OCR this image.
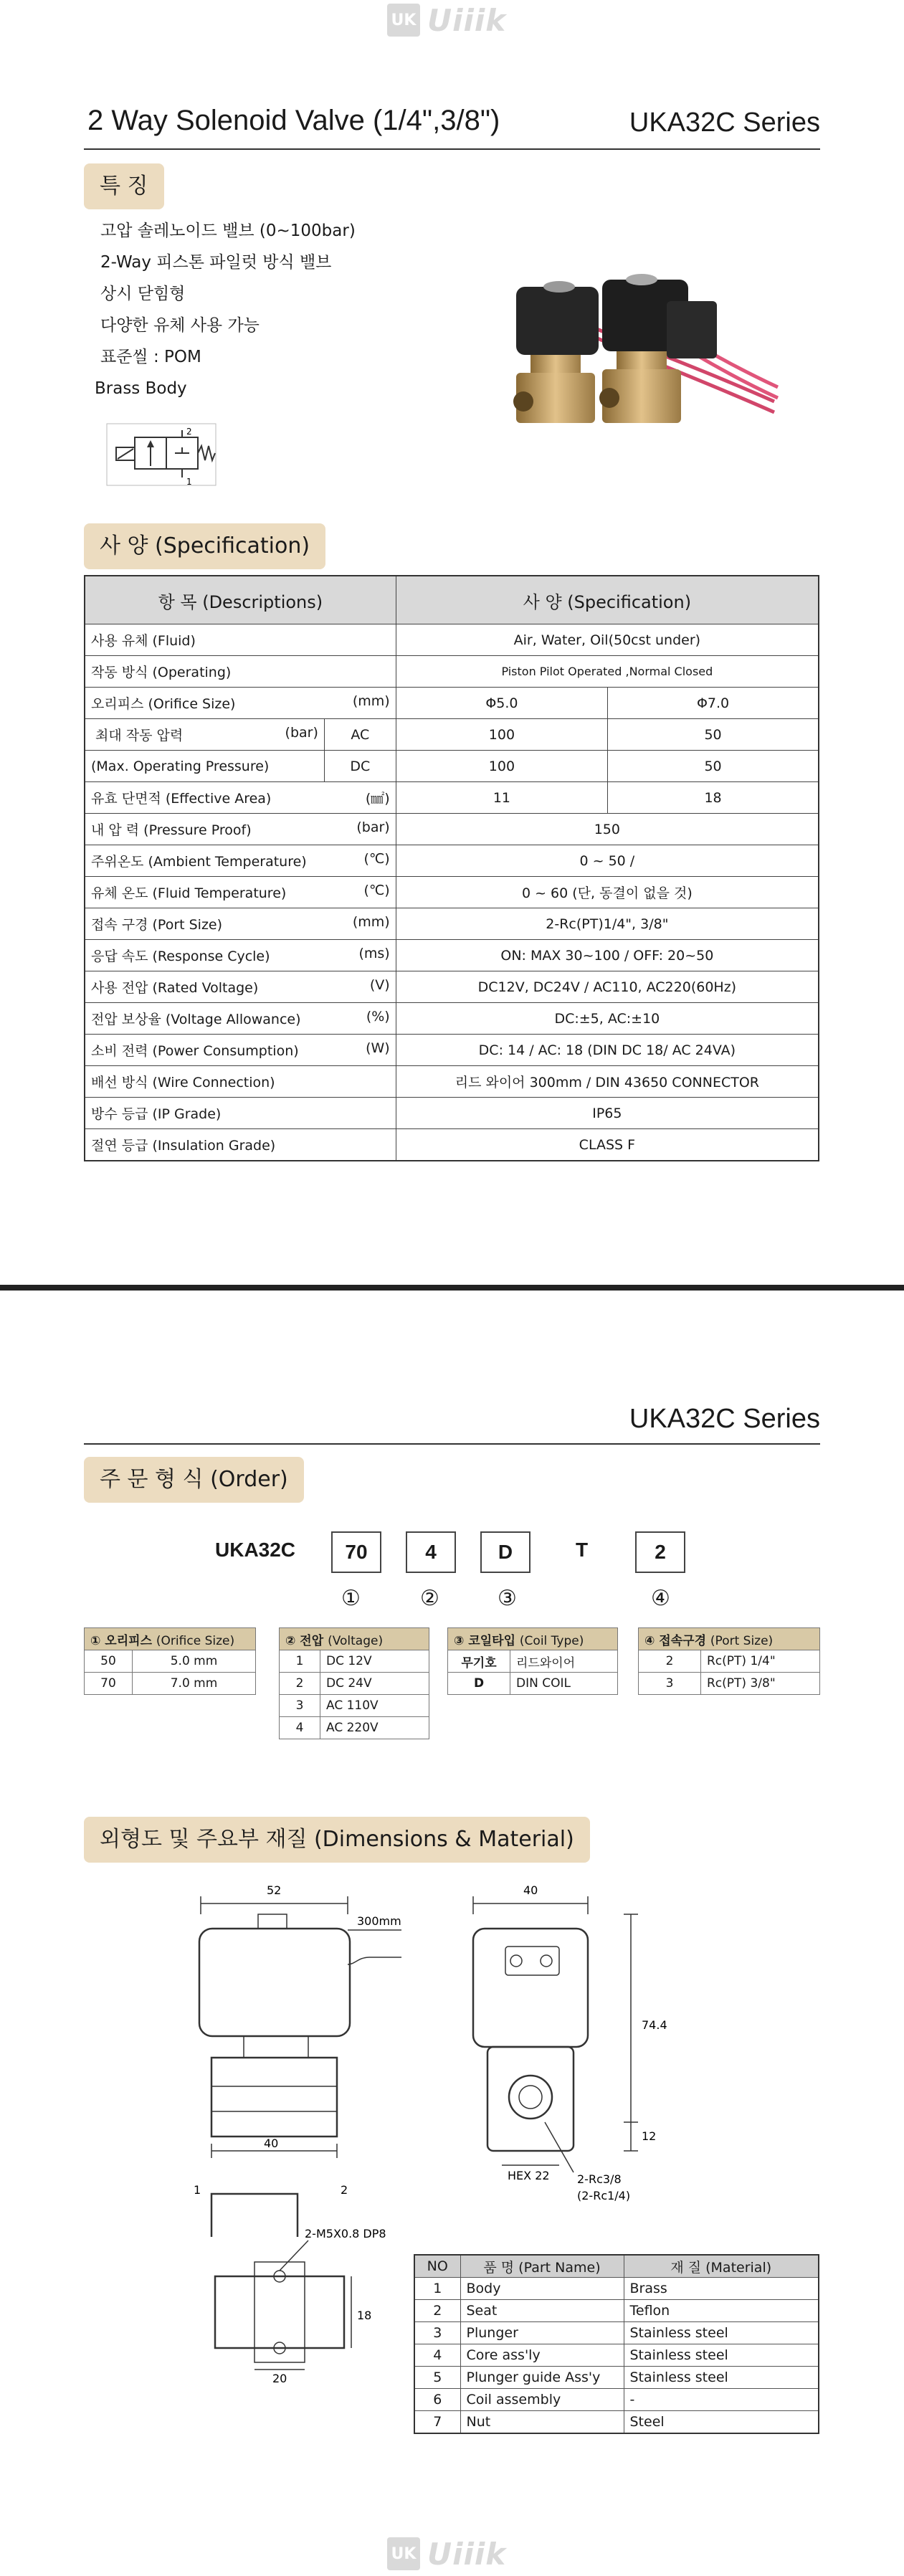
UK Uiiik
2 Way Solenoid Valve (1/4",3/8")	UKA32C Series
특 징
고압 솔레노이드 밸브 (0~100bar)
2-Way 피스톤 파일럿 방식 밸브
상시 닫힘형
다양한 유체 사용 가능
표준씰 : POM
Brass Body
2
1
사 양 (Specification)
항 목 (Descriptions)		사 양 (Specification)	
사용 유체 (Fluid)		Air, Water, Oil(50cst under)	
작동 방식 (Operating)		Piston Pilot Operated ,Normal Closed	
오리피스 (Orifice Size) (mm)		Φ5.0	Φ7.0
최대 작동 압력 (bar)	AC	100	50
(Max. Operating Pressure)	DC	100	50
유효 단면적 (Effective Area) (㎟)		11	18
내 압 력 (Pressure Proof) (bar)		150	
주위온도 (Ambient Temperature) (℃)		0 ~ 50 /	
유체 온도 (Fluid Temperature) (℃)		0 ~ 60 (단, 동결이 없을 것)	
접속 구경 (Port Size) (mm)		2-Rc(PT)1/4", 3/8"	
응답 속도 (Response Cycle) (ms)		ON: MAX 30~100 / OFF: 20~50	
사용 전압 (Rated Voltage) (V)		DC12V, DC24V / AC110, AC220(60Hz)	
전압 보상율 (Voltage Allowance) (%)		DC:±5, AC:±10	
소비 전력 (Power Consumption) (W)		DC: 14 / AC: 18 (DIN DC 18/ AC 24VA)	
배선 방식 (Wire Connection)		리드 와이어 300mm / DIN 43650 CONNECTOR	
방수 등급 (IP Grade)		IP65	
절연 등급 (Insulation Grade)		CLASS F	
UKA32C Series
주 문 형 식 (Order)
UKA32C	70	4	D	T	2
①	②	③	④
① 오리피스 (Orifice Size)	
50	5.0 mm
70	7.0 mm
② 전압 (Voltage)	
1	DC 12V
2	DC 24V
3	AC 110V
4	AC 220V
③ 코일타입 (Coil Type)	
무기호	리드와이어
D	DIN COIL
④ 접속구경 (Port Size)	
2	Rc(PT) 1/4"
3	Rc(PT) 3/8"
외형도 및 주요부 재질 (Dimensions & Material)
52
300mm
40
1	2
40
74.4
12
HEX 22 2-Rc3/8
(2-Rc1/4)
2-M5X0.8 DP8
18
20
NO	품 명 (Part Name)	재 질 (Material)
1	Body	Brass
2	Seat	Teflon
3	Plunger	Stainless steel
4	Core ass'ly	Stainless steel
5	Plunger guide Ass'y	Stainless steel
6	Coil assembly	-
7	Nut	Steel
UK Uiiik
